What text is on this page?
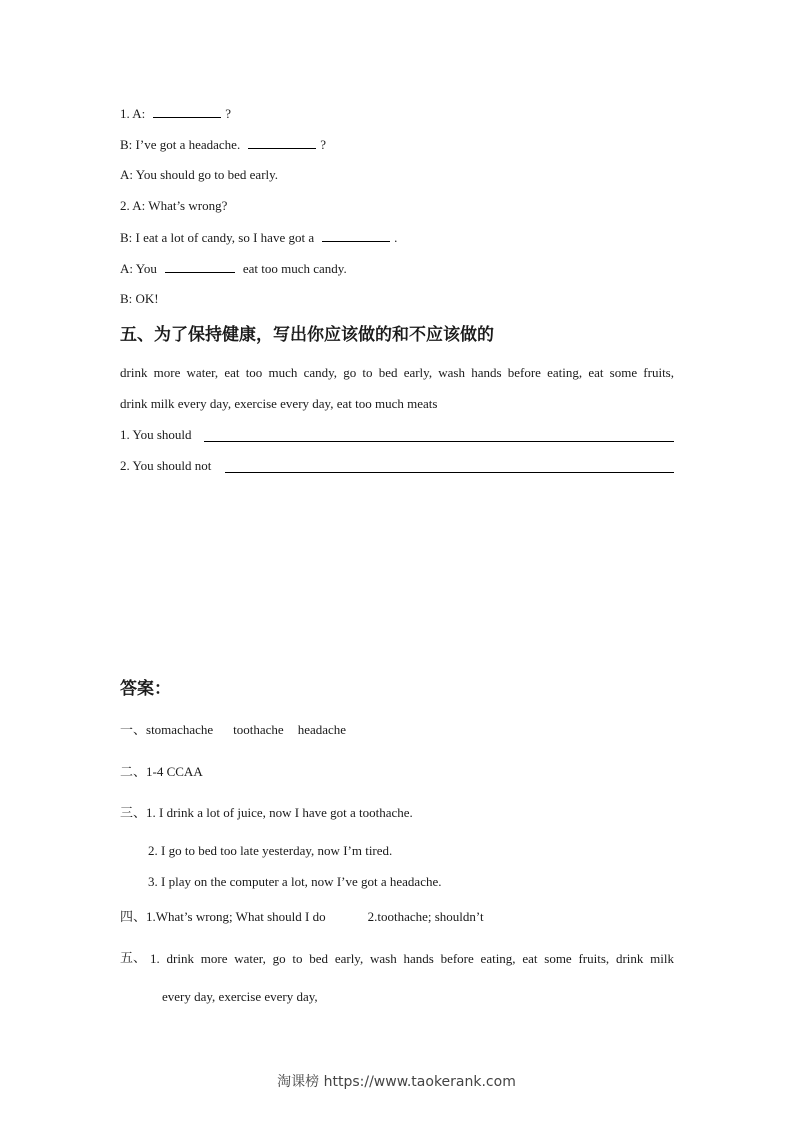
1. A:	?
B: I’ve got a headache.	?
A: You should go to bed early.
2. A: What’s wrong?
B: I eat a lot of candy, so I have got a	.
A: You	eat too much candy.
B: OK!
五、为了保持健康，写出你应该做的和不应该做的
drink more water, eat too much candy, go to bed early, wash hands before eating, eat some fruits,
drink milk every day, exercise every day, eat too much meats
1. You should
2. You should not
答案：
一、stomachache toothache headache
二、1-4 CCAA
三、1. I drink a lot of juice, now I have got a toothache.
2. I go to bed too late yesterday, now I’m tired.
3. I play on the computer a lot, now I’ve got a headache.
四、1.What’s wrong; What should I do	2.toothache; shouldn’t
五、 1. drink more water, go to bed early, wash hands before eating, eat some fruits, drink milk
every day, exercise every day,
淘课榜 https://www.taokerank.com
